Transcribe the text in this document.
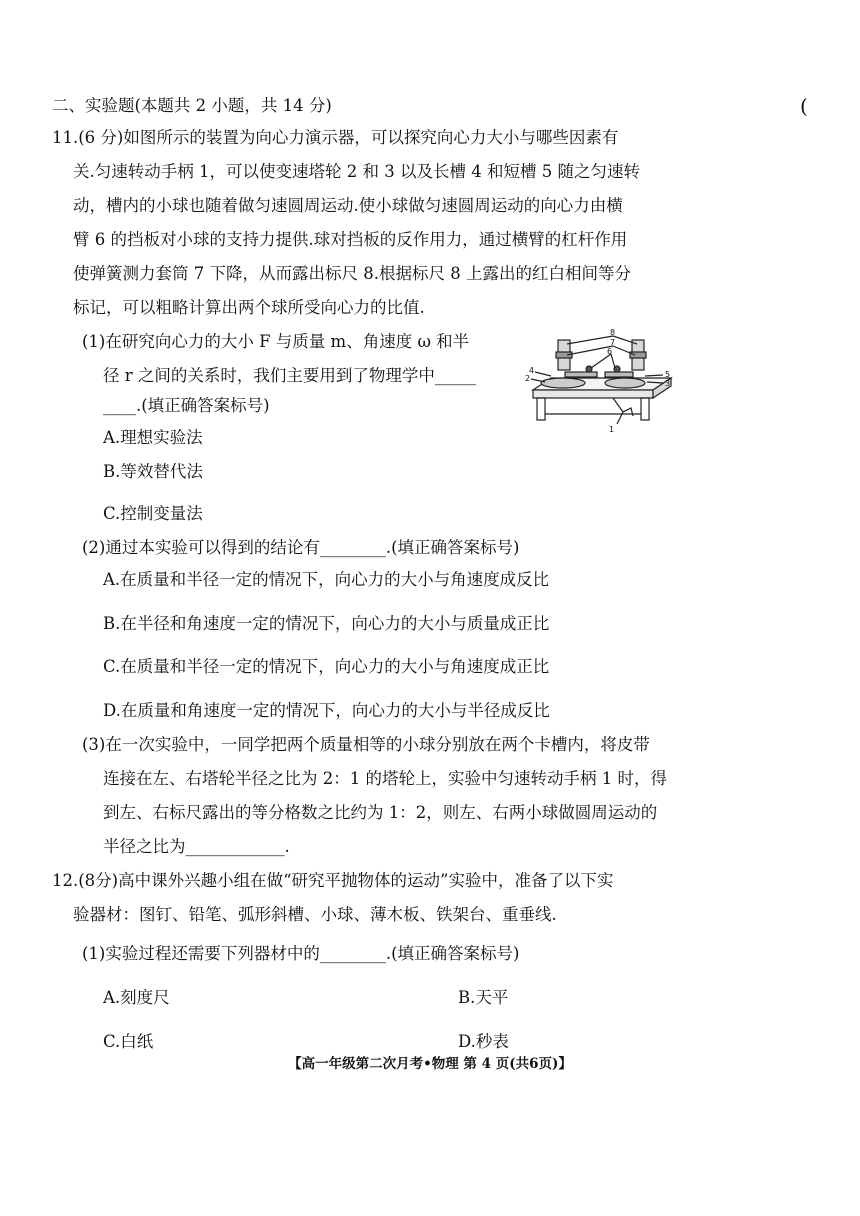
(
二、实验题(本题共 2 小题，共 14 分)
11.(6 分)如图所示的装置为向心力演示器，可以探究向心力大小与哪些因素有
关.匀速转动手柄 1，可以使变速塔轮 2 和 3 以及长槽 4 和短槽 5 随之匀速转
动，槽内的小球也随着做匀速圆周运动.使小球做匀速圆周运动的向心力由横
臂 6 的挡板对小球的支持力提供.球对挡板的反作用力，通过横臂的杠杆作用
使弹簧测力套筒 7 下降，从而露出标尺 8.根据标尺 8 上露出的红白相间等分
标记，可以粗略计算出两个球所受向心力的比值.
(1)在研究向心力的大小 F 与质量 m、角速度 ω 和半
径 r 之间的关系时，我们主要用到了物理学中_____
____.(填正确答案标号)
A.理想实验法
B.等效替代法
C.控制变量法
(2)通过本实验可以得到的结论有________.(填正确答案标号)
A.在质量和半径一定的情况下，向心力的大小与角速度成反比
B.在半径和角速度一定的情况下，向心力的大小与质量成正比
C.在质量和半径一定的情况下，向心力的大小与角速度成正比
D.在质量和角速度一定的情况下，向心力的大小与半径成反比
(3)在一次实验中，一同学把两个质量相等的小球分别放在两个卡槽内，将皮带
连接在左、右塔轮半径之比为 2：1 的塔轮上，实验中匀速转动手柄 1 时，得
到左、右标尺露出的等分格数之比约为 1：2，则左、右两小球做圆周运动的
半径之比为____________.
12.(8分)高中课外兴趣小组在做“研究平抛物体的运动”实验中，准备了以下实
验器材：图钉、铅笔、弧形斜槽、小球、薄木板、铁架台、重垂线.
(1)实验过程还需要下列器材中的________.(填正确答案标号)
A.刻度尺	B.天平
C.白纸	D.秒表
【高一年级第二次月考•物理 第 4 页(共6页)】
8
7
6
4
2	5
3
1
